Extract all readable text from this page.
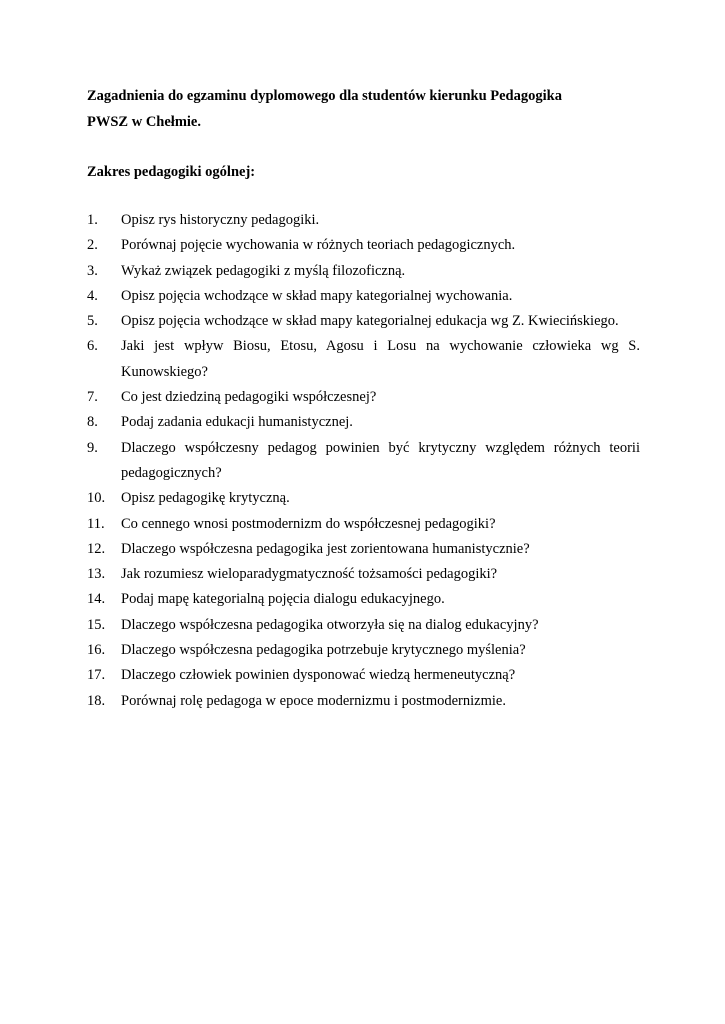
Zagadnienia do egzaminu dyplomowego dla studentów kierunku Pedagogika

PWSZ w Chełmie.

Zakres pedagogiki ogólnej:

1.	Opisz rys historyczny pedagogiki.
2.	Porównaj pojęcie wychowania w różnych teoriach pedagogicznych.
3.	Wykaż związek pedagogiki z myślą filozoficzną.
4.	Opisz pojęcia wchodzące w skład mapy kategorialnej wychowania.
5.	Opisz pojęcia wchodzące w skład mapy kategorialnej edukacja wg Z. Kwiecińskiego.
6.	Jaki jest wpływ Biosu, Etosu, Agosu i Losu na wychowanie człowieka wg S. Kunowskiego?
7.	Co jest dziedziną pedagogiki współczesnej?
8.	Podaj zadania edukacji humanistycznej.
9.	Dlaczego współczesny pedagog powinien być krytyczny względem różnych teorii pedagogicznych?
10.	Opisz pedagogikę krytyczną.
11.	Co cennego wnosi postmodernizm do współczesnej pedagogiki?
12.	Dlaczego współczesna pedagogika jest zorientowana humanistycznie?
13.	Jak rozumiesz wieloparadygmatyczność tożsamości pedagogiki?
14.	Podaj mapę kategorialną pojęcia dialogu edukacyjnego.
15.	Dlaczego współczesna pedagogika otworzyła się na dialog edukacyjny?
16.	Dlaczego współczesna pedagogika potrzebuje krytycznego myślenia?
17.	Dlaczego człowiek powinien dysponować wiedzą hermeneutyczną?
18.	Porównaj rolę pedagoga w epoce modernizmu i postmodernizmie.
